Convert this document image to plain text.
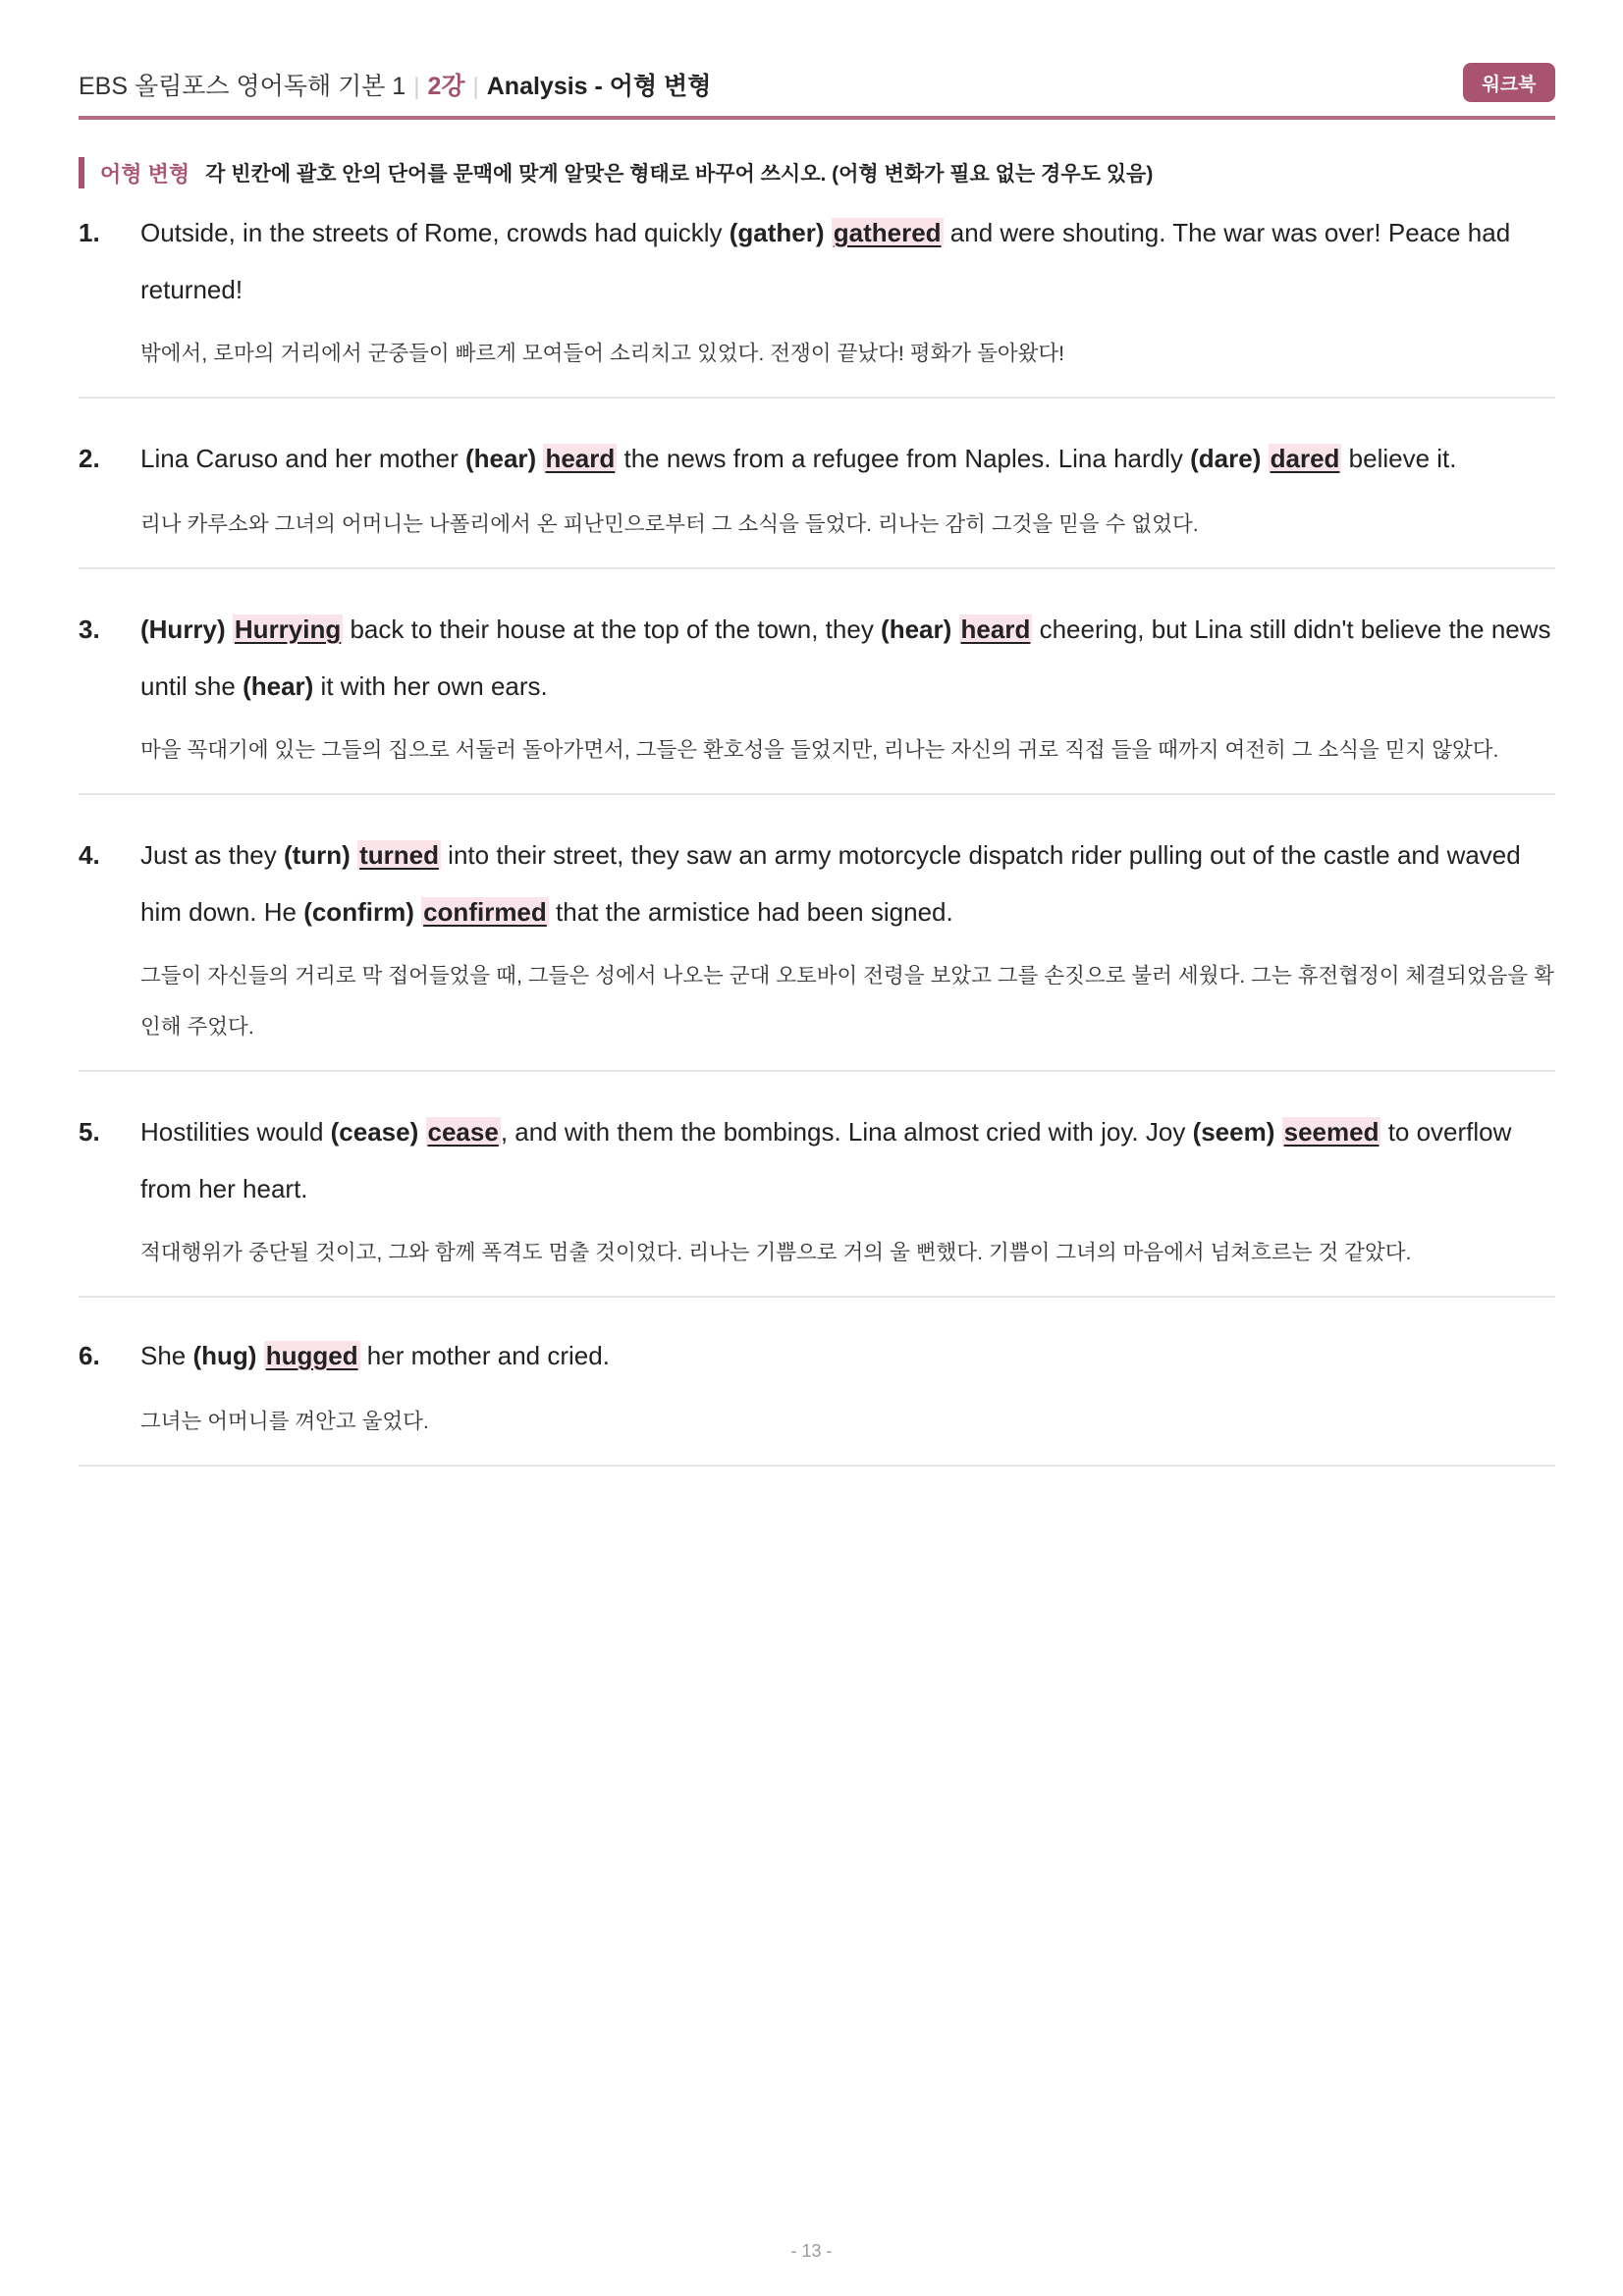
EBS 올림포스 영어독해 기본 1 | 2강 | Analysis - 어형 변형	워크북
어형 변형 각 빈칸에 괄호 안의 단어를 문맥에 맞게 알맞은 형태로 바꾸어 쓰시오. (어형 변화가 필요 없는 경우도 있음)
1. Outside, in the streets of Rome, crowds had quickly (gather) gathered and were shouting. The war was over! Peace had returned!
밖에서, 로마의 거리에서 군중들이 빠르게 모여들어 소리치고 있었다. 전쟁이 끝났다! 평화가 돌아왔다!
2. Lina Caruso and her mother (hear) heard the news from a refugee from Naples. Lina hardly (dare) dared believe it.
리나 카루소와 그녀의 어머니는 나폴리에서 온 피난민으로부터 그 소식을 들었다. 리나는 감히 그것을 믿을 수 없었다.
3. (Hurry) Hurrying back to their house at the top of the town, they (hear) heard cheering, but Lina still didn't believe the news until she (hear) it with her own ears.
마을 꼭대기에 있는 그들의 집으로 서둘러 돌아가면서, 그들은 환호성을 들었지만, 리나는 자신의 귀로 직접 들을 때까지 여전히 그 소식을 믿지 않았다.
4. Just as they (turn) turned into their street, they saw an army motorcycle dispatch rider pulling out of the castle and waved him down. He (confirm) confirmed that the armistice had been signed.
그들이 자신들의 거리로 막 접어들었을 때, 그들은 성에서 나오는 군대 오토바이 전령을 보았고 그를 손짓으로 불러 세웠다. 그는 휴전협정이 체결되었음을 확인해 주었다.
5. Hostilities would (cease) cease, and with them the bombings. Lina almost cried with joy. Joy (seem) seemed to overflow from her heart.
적대행위가 중단될 것이고, 그와 함께 폭격도 멈출 것이었다. 리나는 기쁨으로 거의 울 뻔했다. 기쁨이 그녀의 마음에서 넘쳐흐르는 것 같았다.
6. She (hug) hugged her mother and cried.
그녀는 어머니를 껴안고 울었다.
- 13 -
